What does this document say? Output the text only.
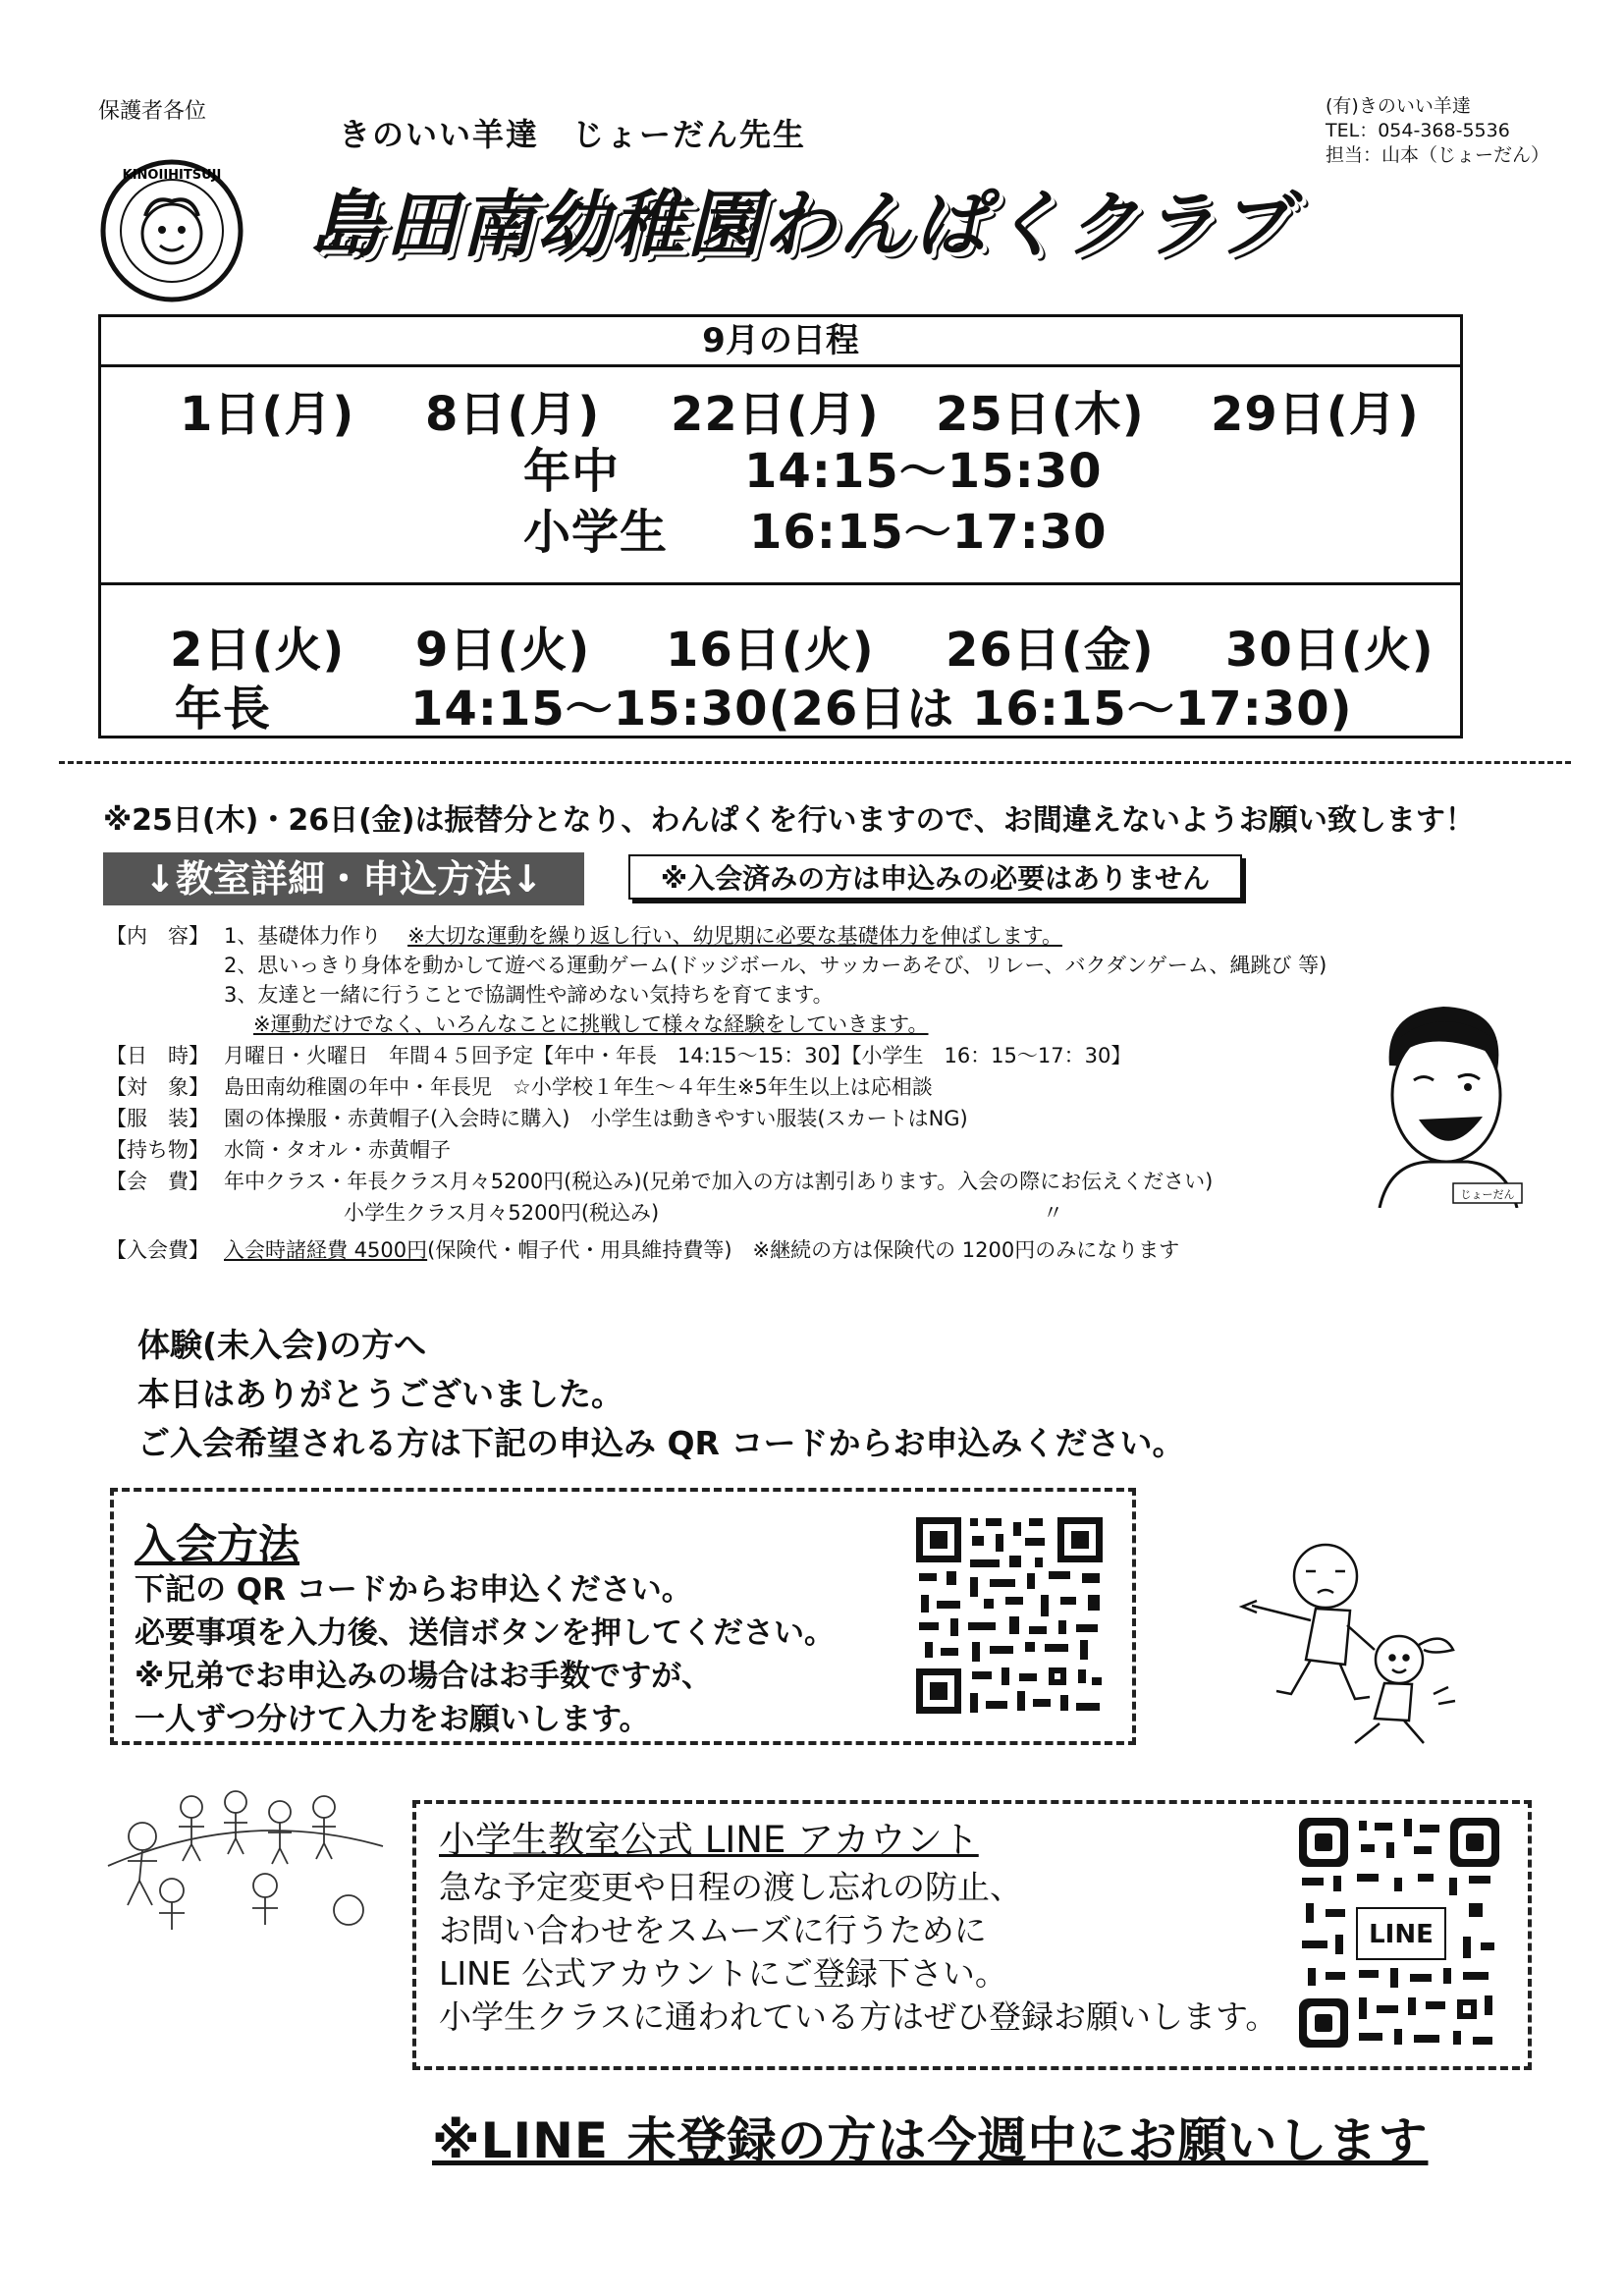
保護者各位
KINOIIHITSUJI
きのいい羊達　じょーだん先生
島田南幼稚園わんぱくクラブ
(有)きのいい羊達
TEL：054-368-5536
担当：山本（じょーだん）
9月の日程
1日(月) 8日(月) 22日(月) 25日(木) 29日(月)
年中	14:15～15:30
小学生 16:15～17:30
2日(火) 9日(火) 16日(火) 26日(金) 30日(火)
年長	14:15～15:30(26日は 16:15～17:30)
※25日(木)・26日(金)は振替分となり、わんぱくを行いますので、お間違えないようお願い致します！
↓教室詳細・申込方法↓	※入会済みの方は申込みの必要はありません
【内　容】 1、基礎体力作り ※大切な運動を繰り返し行い、幼児期に必要な基礎体力を伸ばします。
2、思いっきり身体を動かして遊べる運動ゲーム(ドッジボール、サッカーあそび、リレー、バクダンゲーム、縄跳び 等)
3、友達と一緒に行うことで協調性や諦めない気持ちを育てます。
※運動だけでなく、いろんなことに挑戦して様々な経験をしていきます。
【日　時】 月曜日・火曜日　年間４５回予定【年中・年長　14:15～15：30】【小学生　16：15～17：30】
【対　象】 島田南幼稚園の年中・年長児　☆小学校１年生～４年生※5年生以上は応相談
【服　装】 園の体操服・赤黄帽子(入会時に購入)　小学生は動きやすい服装(スカートはNG)
【持ち物】 水筒・タオル・赤黄帽子
【会　費】 年中クラス・年長クラス月々5200円(税込み)(兄弟で加入の方は割引あります。入会の際にお伝えください)
小学生クラス月々5200円(税込み)	〃
【入会費】 入会時諸経費 4500円(保険代・帽子代・用具維持費等)　※継続の方は保険代の 1200円のみになります
じょーだん
体験(未入会)の方へ
本日はありがとうございました。
ご入会希望される方は下記の申込み QR コードからお申込みください。
入会方法
下記の QR コードからお申込ください。
必要事項を入力後、送信ボタンを押してください。
※兄弟でお申込みの場合はお手数ですが、
一人ずつ分けて入力をお願いします。
小学生教室公式 LINE アカウント
急な予定変更や日程の渡し忘れの防止、
お問い合わせをスムーズに行うために
LINE 公式アカウントにご登録下さい。
小学生クラスに通われている方はぜひ登録お願いします。
LINE
※LINE 未登録の方は今週中にお願いします
